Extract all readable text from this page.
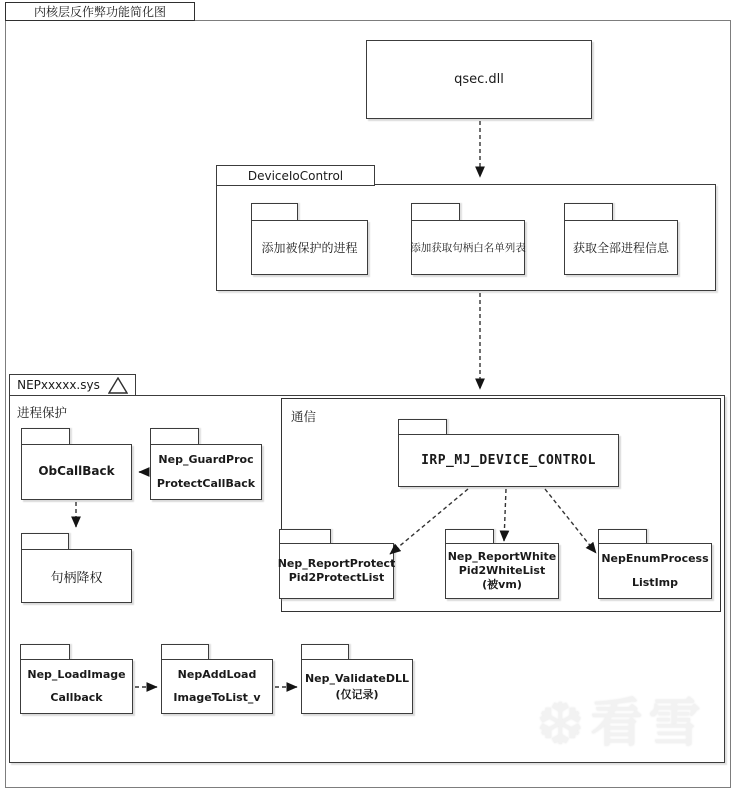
❆ 看雪
内核层反作弊功能简化图
qsec.dll
DeviceIoControl
添加被保护的进程	添加获取句柄白名单列表	获取全部进程信息
NEPxxxxx.sys
进程保护
ObCallBack
Nep_GuardProc
ProtectCallBack
句柄降权
通信
IRP_MJ_DEVICE_CONTROL
Nep_ReportProtect
Pid2ProtectList
Nep_ReportWhite
Pid2WhiteList
(被vm)
NepEnumProcess
ListImp
Nep_LoadImage
Callback
NepAddLoad
ImageToList_v
Nep_ValidateDLL
(仅记录)
